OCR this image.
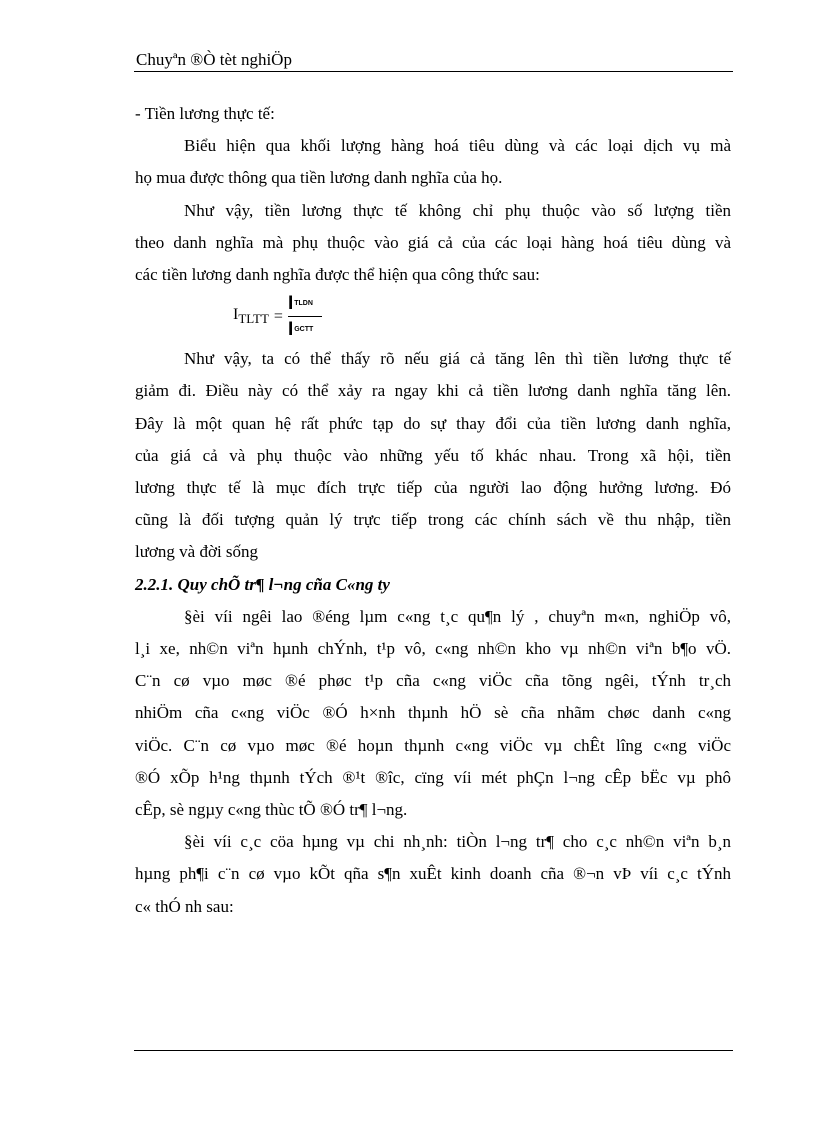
Chuyªn ®Ò tèt nghiÖp

- Tiền lương thực tế:

Biểu hiện qua khối lượng hàng hoá tiêu dùng và các loại dịch vụ mà

họ mua được thông qua tiền lương danh nghĩa của họ.

Như vậy, tiền lương thực tế không chỉ phụ thuộc vào số lượng tiền

theo danh nghĩa mà phụ thuộc vào giá cả của các loại hàng hoá tiêu dùng và

các tiền lương danh nghĩa được thể hiện qua công thức sau:

$I_{TLTT} = \frac{\text{I TLDN}}{\text{I GCTT}}$

Như vậy, ta có thể thấy rõ nếu giá cả tăng lên thì tiền lương thực tế

giảm đi. Điều này có thể xảy ra ngay khi cả tiền lương danh nghĩa tăng lên.

Đây là một quan hệ rất phức tạp do sự thay đổi của tiền lương danh nghĩa,

của giá cả và phụ thuộc vào những yếu tố khác nhau. Trong xã hội, tiền

lương thực tế là mục đích trực tiếp của người lao động hưởng lương. Đó

cũng là đối tượng quản lý trực tiếp trong các chính sách về thu nhập, tiền

lương và đời sống

2.2.1. Quy chÕ tr¶ l¬ng cña C«ng ty

§èi víi ngêi lao ®éng lµm c«ng t¸c qu¶n lý , chuyªn m«n, nghiÖp vô,

l¸i xe, nh©n viªn hµnh chÝnh, t¹p vô, c«ng nh©n kho vµ nh©n viªn b¶o vÖ.

C¨n cø vµo møc ®é phøc t¹p cña c«ng viÖc cña tõng ngêi, tÝnh tr¸ch

nhiÖm cña c«ng viÖc ®Ó h×nh thµnh hÖ sè cña nhãm chøc danh c«ng

viÖc. C¨n cø vµo møc ®é hoµn thµnh c«ng viÖc vµ chÊt lîng c«ng viÖc

®Ó xÕp h¹ng thµnh tÝch ®¹t ®îc, cïng víi mét phÇn l¬ng cÊp bËc vµ phô

cÊp, sè ngµy c«ng thùc tÕ ®Ó tr¶ l¬ng.

§èi víi c¸c cöa hµng vµ chi nh¸nh: tiÒn l¬ng tr¶ cho c¸c nh©n viªn b¸n

hµng ph¶i c¨n cø vµo kÕt qña s¶n xuÊt kinh doanh cña ®¬n vÞ víi c¸c tÝnh

c« thÓ nh sau:
